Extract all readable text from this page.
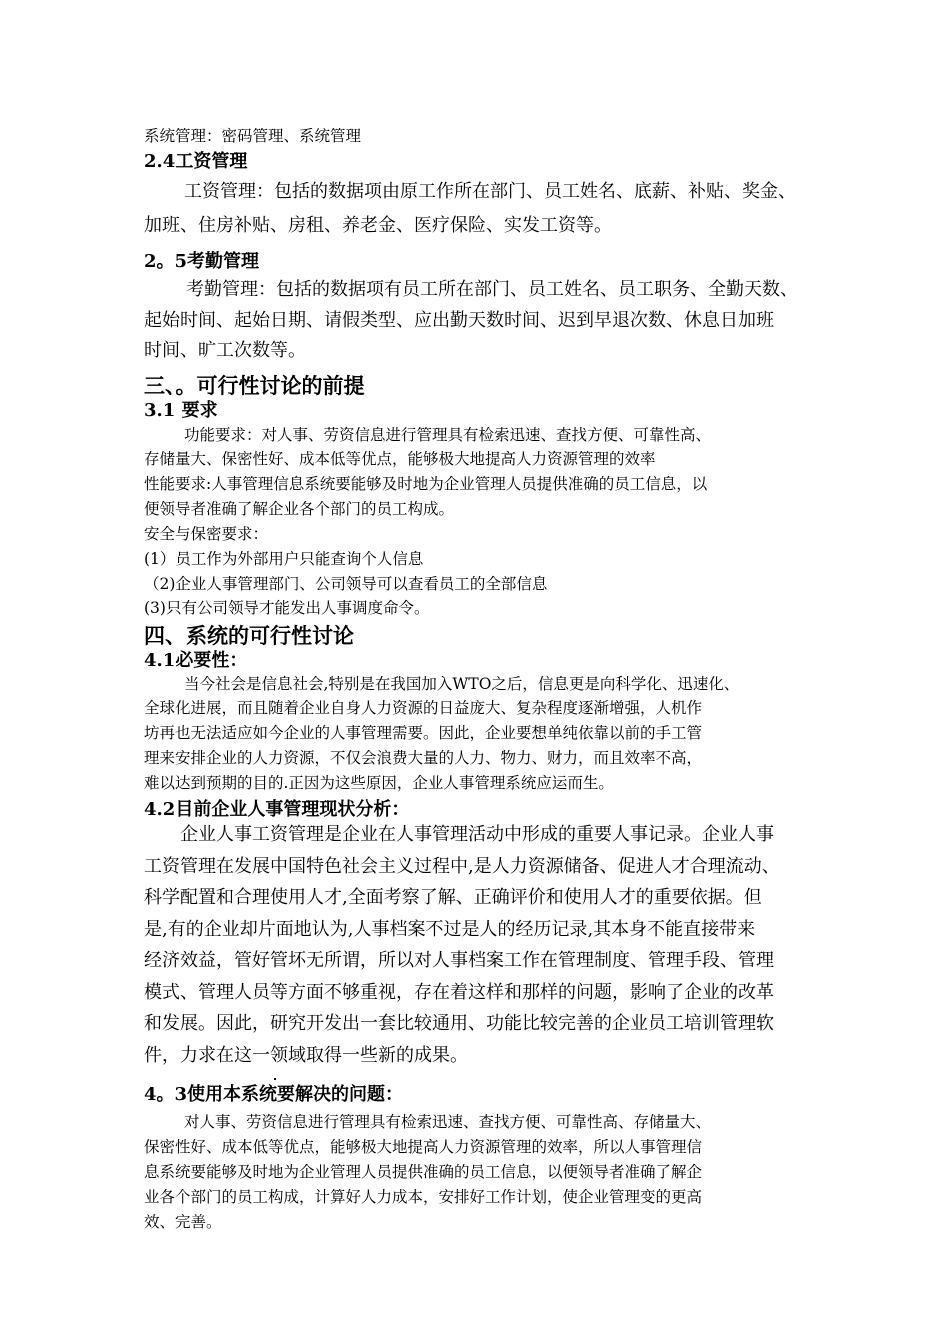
系统管理：密码管理、系统管理
2.4工资管理
工资管理：包括的数据项由原工作所在部门、员工姓名、底薪、补贴、奖金、
加班、住房补贴、房租、养老金、医疗保险、实发工资等。
2。5考勤管理
考勤管理：包括的数据项有员工所在部门、员工姓名、员工职务、全勤天数、
起始时间、起始日期、请假类型、应出勤天数时间、迟到早退次数、休息日加班
时间、旷工次数等。
三、。可行性讨论的前提
3.1 要求
功能要求：对人事、劳资信息进行管理具有检索迅速、查找方便、可靠性高、
存储量大、保密性好、成本低等优点，能够极大地提高人力资源管理的效率
性能要求:人事管理信息系统要能够及时地为企业管理人员提供准确的员工信息，以
便领导者准确了解企业各个部门的员工构成。
安全与保密要求：
(1）员工作为外部用户只能查询个人信息
（2)企业人事管理部门、公司领导可以查看员工的全部信息
(3)只有公司领导才能发出人事调度命令。
四、系统的可行性讨论
4.1必要性：
当今社会是信息社会,特别是在我国加入WTO之后，信息更是向科学化、迅速化、
全球化进展，而且随着企业自身人力资源的日益庞大、复杂程度逐渐增强，人机作
坊再也无法适应如今企业的人事管理需要。因此，企业要想单纯依靠以前的手工管
理来安排企业的人力资源，不仅会浪费大量的人力、物力、财力，而且效率不高，
难以达到预期的目的.正因为这些原因，企业人事管理系统应运而生。
4.2目前企业人事管理现状分析：
企业人事工资管理是企业在人事管理活动中形成的重要人事记录。企业人事
工资管理在发展中国特色社会主义过程中,是人力资源储备、促进人才合理流动、
科学配置和合理使用人才,全面考察了解、正确评价和使用人才的重要依据。但
是,有的企业却片面地认为,人事档案不过是人的经历记录,其本身不能直接带来
经济效益，管好管坏无所谓，所以对人事档案工作在管理制度、管理手段、管理
模式、管理人员等方面不够重视，存在着这样和那样的问题，影响了企业的改革
和发展。因此，研究开发出一套比较通用、功能比较完善的企业员工培训管理软
件，力求在这一领域取得一些新的成果。
4。3使用本系统要解决的问题：
对人事、劳资信息进行管理具有检索迅速、查找方便、可靠性高、存储量大、
保密性好、成本低等优点，能够极大地提高人力资源管理的效率，所以人事管理信
息系统要能够及时地为企业管理人员提供准确的员工信息，以便领导者准确了解企
业各个部门的员工构成，计算好人力成本，安排好工作计划，使企业管理变的更高
效、完善。
